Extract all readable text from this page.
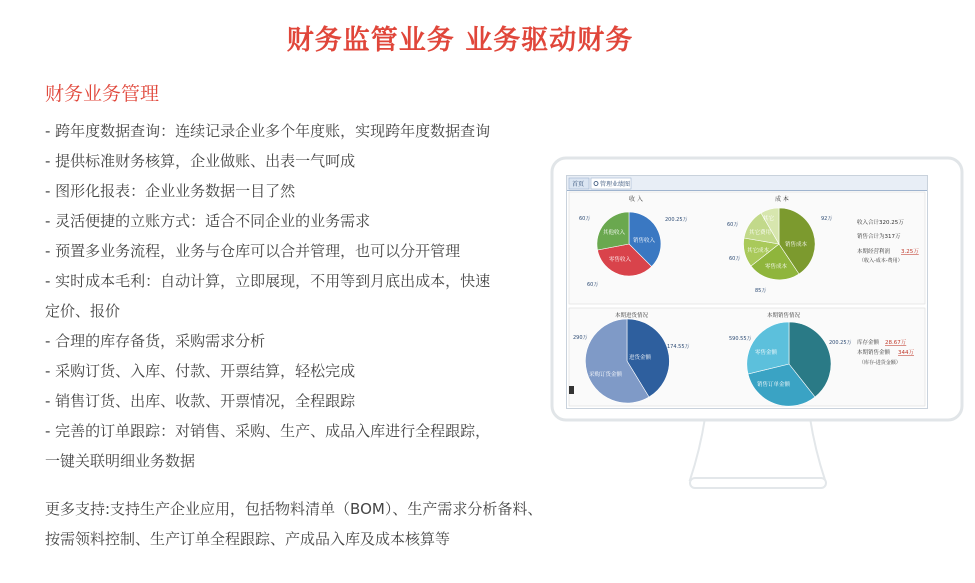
财务监管业务 业务驱动财务
财务业务管理
- 跨年度数据查询：连续记录企业多个年度账，实现跨年度数据查询
- 提供标准财务核算，企业做账、出表一气呵成
- 图形化报表：企业业务数据一目了然
- 灵活便捷的立账方式：适合不同企业的业务需求
- 预置多业务流程，业务与仓库可以合并管理，也可以分开管理
- 实时成本毛利：自动计算，立即展现，不用等到月底出成本，快速
定价、报价
- 合理的库存备货，采购需求分析
- 采购订货、入库、付款、开票结算，轻松完成
- 销售订货、出库、收款、开票情况，全程跟踪
- 完善的订单跟踪：对销售、采购、生产、成品入库进行全程跟踪，
一键关联明细业务数据
更多支持:支持生产企业应用，包括物料清单（BOM）、生产需求分析备料、
按需领料控制、生产订单全程跟踪、产成品入库及成本核算等
首页	管理业绩图
收 入
销售收入
零售收入
其他收入
200.25万
60万
60万
成 本
销售成本
零售成本
其它成本
其它费用
其它	92万
60万
60万
85万
收入合计320.25万
销售合计为317万
本期经营利润 3.25万
（收入-成本-费用）
本期进货情况
进货金额
采购订货金额
290万
174.55万
本期销售情况
销售订单金额
零售金额
590.55万
200.25万 库存金额 28.67万
本期销售金额 344万
（库存-进货金额）
